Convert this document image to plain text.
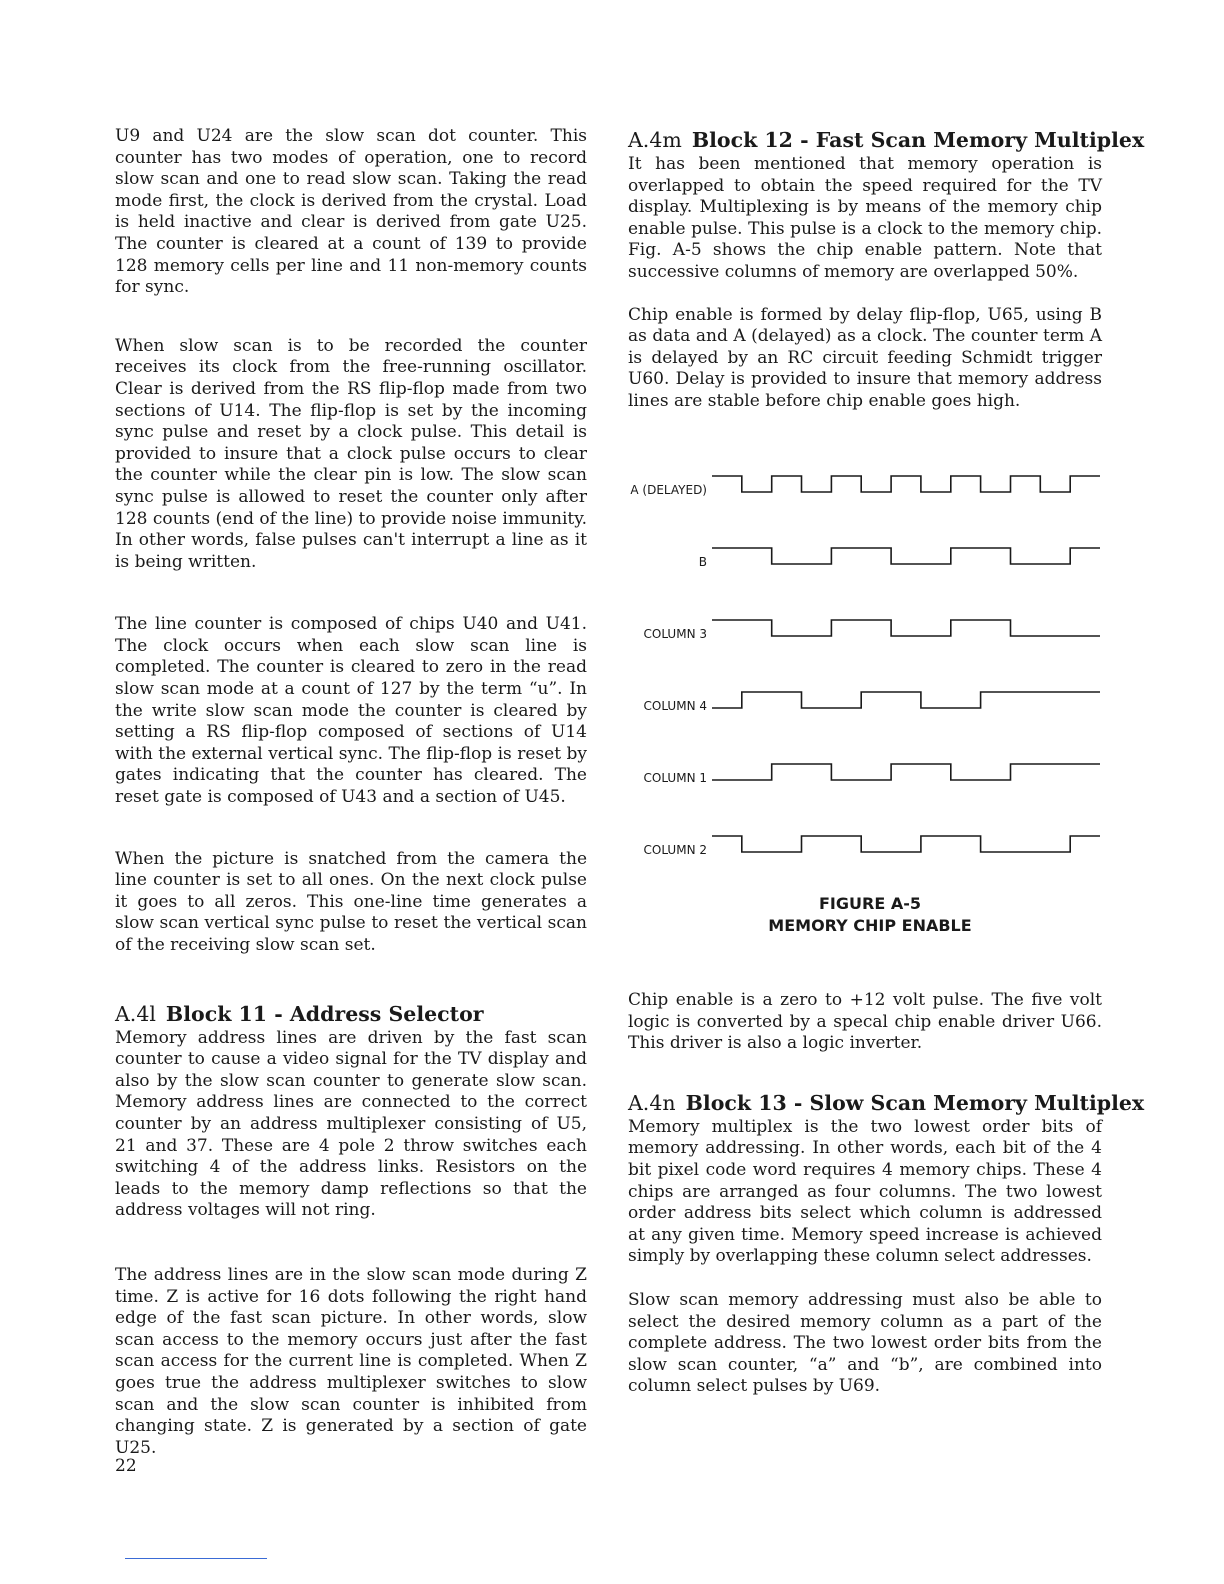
U9 and U24 are the slow scan dot counter. This counter has two modes of operation, one to record slow scan and one to read slow scan. Taking the read mode first, the clock is derived from the crystal. Load is held inactive and clear is derived from gate U25. The counter is cleared at a count of 139 to provide 128 memory cells per line and 11 non-memory counts for sync.

When slow scan is to be recorded the counter receives its clock from the free-running oscillator. Clear is derived from the RS flip-flop made from two sections of U14. The flip-flop is set by the incoming sync pulse and reset by a clock pulse. This detail is provided to insure that a clock pulse occurs to clear the counter while the clear pin is low. The slow scan sync pulse is allowed to reset the counter only after 128 counts (end of the line) to provide noise immunity. In other words, false pulses can't interrupt a line as it is being written.

The line counter is composed of chips U40 and U41. The clock occurs when each slow scan line is completed. The counter is cleared to zero in the read slow scan mode at a count of 127 by the term “u”. In the write slow scan mode the counter is cleared by setting a RS flip-flop composed of sections of U14 with the external vertical sync. The flip-flop is reset by gates indicating that the counter has cleared. The reset gate is composed of U43 and a section of U45.

When the picture is snatched from the camera the line counter is set to all ones. On the next clock pulse it goes to all zeros. This one-line time generates a slow scan vertical sync pulse to reset the vertical scan of the receiving slow scan set.

A.4l Block 11 - Address Selector

Memory address lines are driven by the fast scan counter to cause a video signal for the TV display and also by the slow scan counter to generate slow scan. Memory address lines are connected to the correct counter by an address multiplexer consisting of U5, 21 and 37. These are 4 pole 2 throw switches each switching 4 of the address links. Resistors on the leads to the memory damp reflections so that the address voltages will not ring.

The address lines are in the slow scan mode during Z time. Z is active for 16 dots following the right hand edge of the fast scan picture. In other words, slow scan access to the memory occurs just after the fast scan access for the current line is completed. When Z goes true the address multiplexer switches to slow scan and the slow scan counter is inhibited from changing state. Z is generated by a section of gate U25.

A.4m Block 12 - Fast Scan Memory Multiplex

It has been mentioned that memory operation is overlapped to obtain the speed required for the TV display. Multiplexing is by means of the memory chip enable pulse. This pulse is a clock to the memory chip. Fig. A-5 shows the chip enable pattern. Note that successive columns of memory are overlapped 50%.

Chip enable is formed by delay flip-flop, U65, using B as data and A (delayed) as a clock. The counter term A is delayed by an RC circuit feeding Schmidt trigger U60. Delay is provided to insure that memory address lines are stable before chip enable goes high.

A (DELAYED)
B
COLUMN 3
COLUMN 4
COLUMN 1
COLUMN 2
FIGURE A-5
MEMORY CHIP ENABLE

Chip enable is a zero to +12 volt pulse. The five volt logic is converted by a specal chip enable driver U66. This driver is also a logic inverter.

A.4n Block 13 - Slow Scan Memory Multiplex

Memory multiplex is the two lowest order bits of memory addressing. In other words, each bit of the 4 bit pixel code word requires 4 memory chips. These 4 chips are arranged as four columns. The two lowest order address bits select which column is addressed at any given time. Memory speed increase is achieved simply by overlapping these column select addresses.

Slow scan memory addressing must also be able to select the desired memory column as a part of the complete address. The two lowest order bits from the slow scan counter, “a” and “b”, are combined into column select pulses by U69.

22
